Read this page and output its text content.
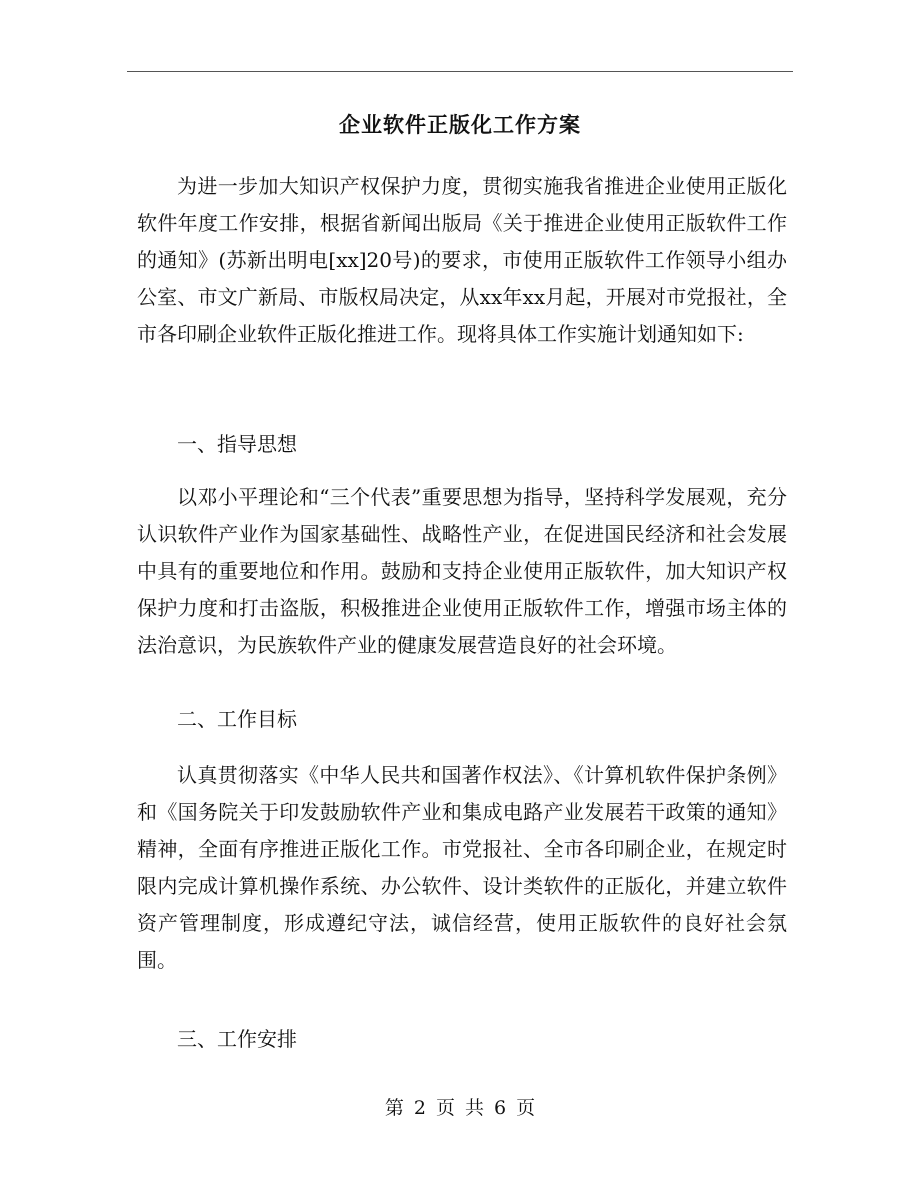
企业软件正版化工作方案

为进一步加大知识产权保护力度，贯彻实施我省推进企业使用正版化软件年度工作安排，根据省新闻出版局《关于推进企业使用正版软件工作的通知》(苏新出明电[xx]20号)的要求，市使用正版软件工作领导小组办公室、市文广新局、市版权局决定，从xx年xx月起，开展对市党报社，全市各印刷企业软件正版化推进工作。现将具体工作实施计划通知如下:

一、指导思想

以邓小平理论和“三个代表”重要思想为指导，坚持科学发展观，充分认识软件产业作为国家基础性、战略性产业，在促进国民经济和社会发展中具有的重要地位和作用。鼓励和支持企业使用正版软件，加大知识产权保护力度和打击盗版，积极推进企业使用正版软件工作，增强市场主体的法治意识，为民族软件产业的健康发展营造良好的社会环境。

二、工作目标

认真贯彻落实《中华人民共和国著作权法》、《计算机软件保护条例》和《国务院关于印发鼓励软件产业和集成电路产业发展若干政策的通知》精神，全面有序推进正版化工作。市党报社、全市各印刷企业，在规定时限内完成计算机操作系统、办公软件、设计类软件的正版化，并建立软件资产管理制度，形成遵纪守法，诚信经营，使用正版软件的良好社会氛围。

三、工作安排

第 2 页 共 6 页
